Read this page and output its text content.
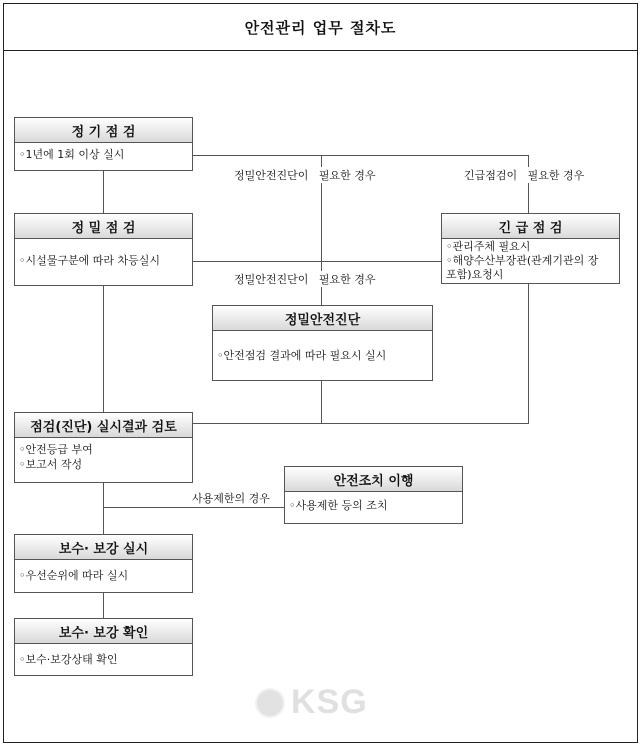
안전관리 업무 절차도
정밀안전진단이   필요한 경우	긴급점검이   필요한 경우
정밀안전진단이   필요한 경우
사용제한의 경우
정 기 점 검
◦1년에 1회 이상 실시
정 밀 점 검
◦시설물구분에 따라 차등실시
긴 급 점 검
◦관리주체 필요시
◦해양수산부장관(관계기관의 장
포함)요청시
정밀안전진단
◦안전점검 결과에 따라 필요시 실시
점검(진단) 실시결과 검토
◦안전등급 부여
◦보고서 작성
안전조치 이행
◦사용제한 등의 조치
보수· 보강 실시
◦우선순위에 따라 실시
보수· 보강 확인
◦보수·보강상태 확인
KSG
